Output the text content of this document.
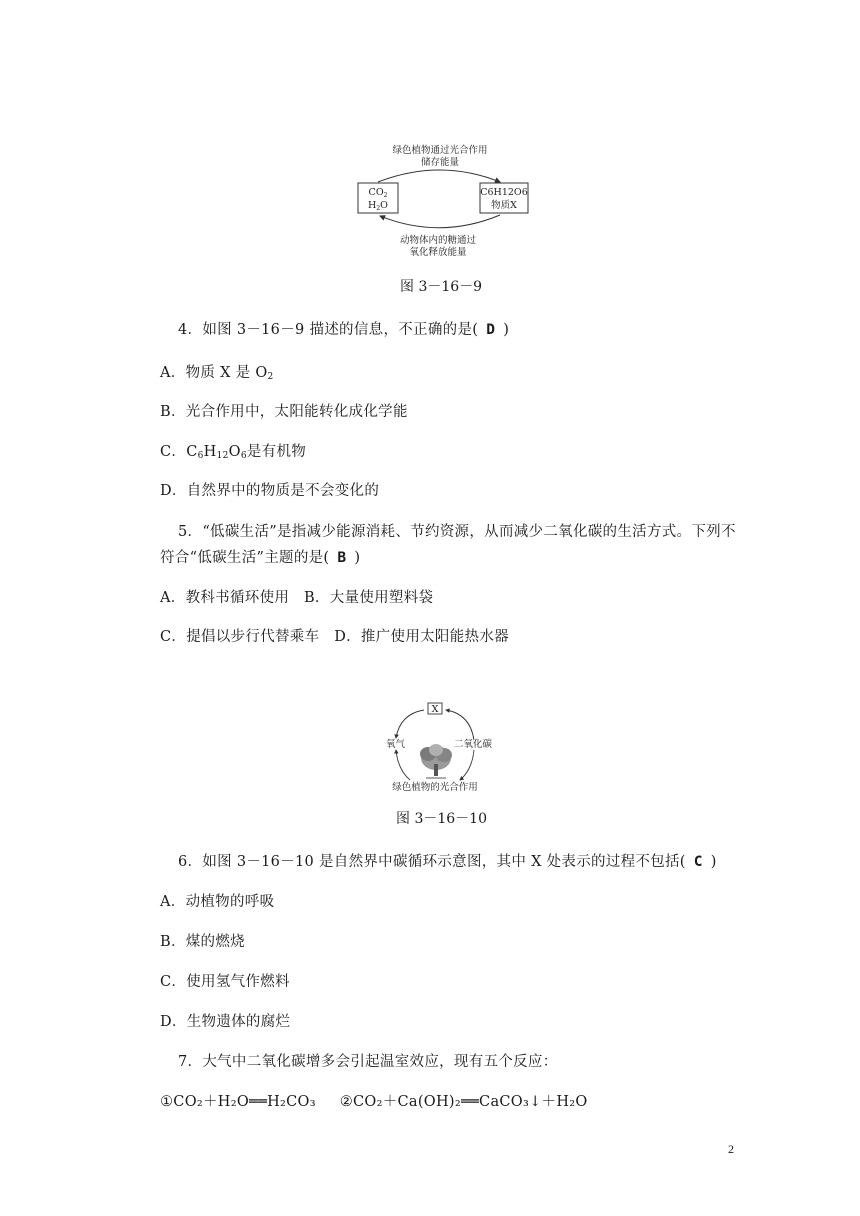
绿色植物通过光合作用
储存能量
$CO_2$
$H_2O$
C6H12O6
物质X
动物体内的糖通过
氧化释放能量
图 3－16－9
4．如图 3－16－9 描述的信息，不正确的是( D )
A．物质 X 是 $O_2$
B．光合作用中，太阳能转化成化学能
C．$C_6H_{12}O_6$是有机物
D．自然界中的物质是不会变化的
5．“低碳生活”是指减少能源消耗、节约资源，从而减少二氧化碳的生活方式。下列不
符合“低碳生活”主题的是( B )
A．教科书循环使用　B．大量使用塑料袋
C．提倡以步行代替乘车　D．推广使用太阳能热水器
X
氧气	二氧化碳
绿色植物的光合作用
图 3－16－10
6．如图 3－16－10 是自然界中碳循环示意图，其中 X 处表示的过程不包括( C )
A．动植物的呼吸
B．煤的燃烧
C．使用氢气作燃料
D．生物遗体的腐烂
7．大气中二氧化碳增多会引起温室效应，现有五个反应：
①CO₂＋H₂O══H₂CO₃ ②CO₂＋Ca(OH)₂══CaCO₃↓＋H₂O
2
